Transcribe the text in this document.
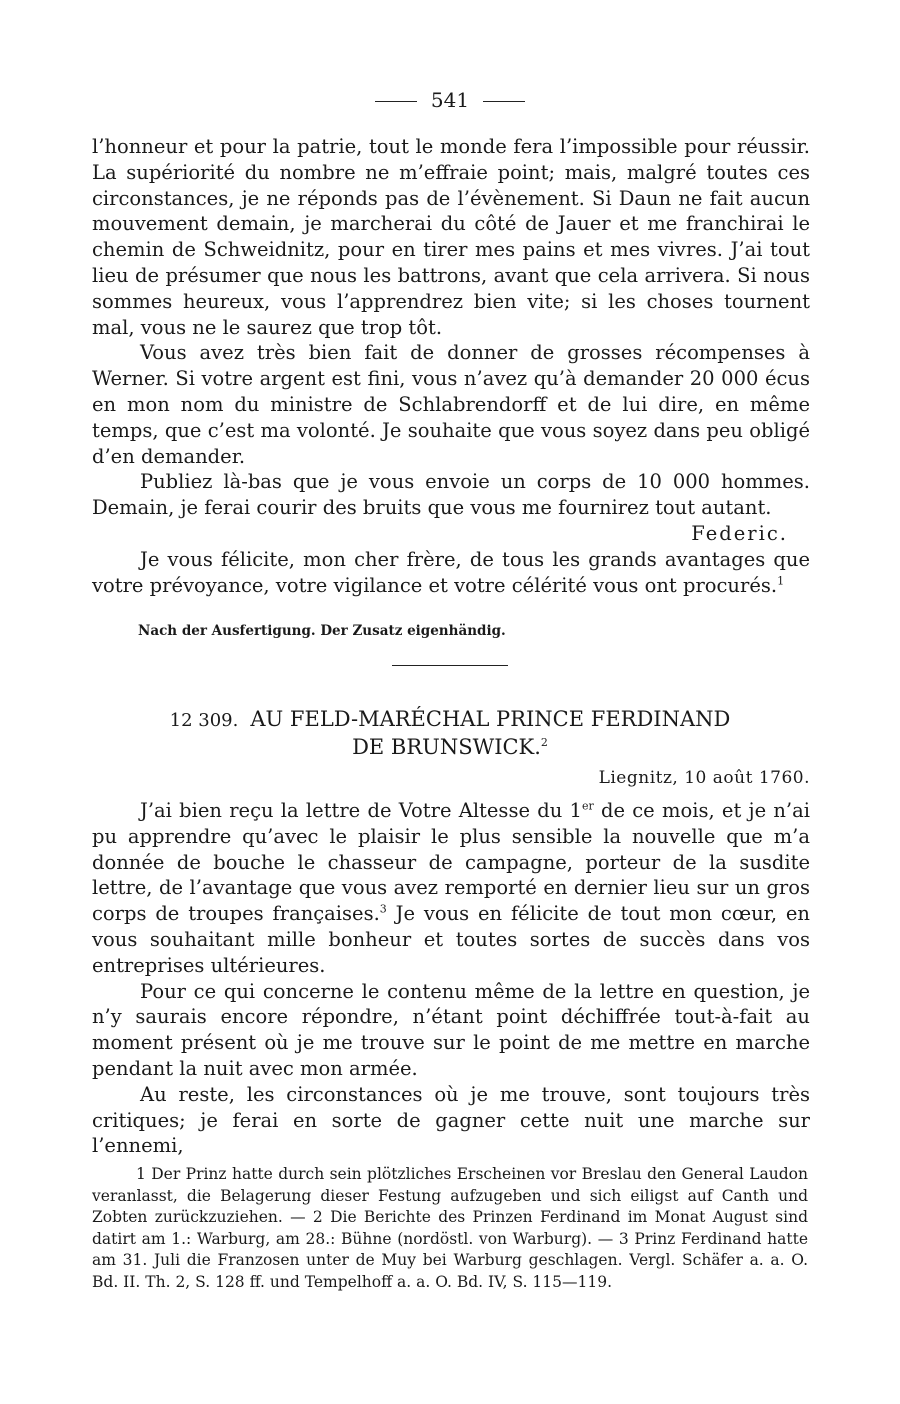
541

l’honneur et pour la patrie, tout le monde fera l’impossible pour réussir. La supériorité du nombre ne m’effraie point; mais, malgré toutes ces circonstances, je ne réponds pas de l’évènement. Si Daun ne fait aucun mouvement demain, je marcherai du côté de Jauer et me franchirai le chemin de Schweidnitz, pour en tirer mes pains et mes vivres. J’ai tout lieu de présumer que nous les battrons, avant que cela arrivera. Si nous sommes heureux, vous l’apprendrez bien vite; si les choses tournent mal, vous ne le saurez que trop tôt.

Vous avez très bien fait de donner de grosses récompenses à Werner. Si votre argent est fini, vous n’avez qu’à demander 20 000 écus en mon nom du ministre de Schlabrendorff et de lui dire, en même temps, que c’est ma volonté. Je souhaite que vous soyez dans peu obligé d’en demander.

Publiez là-bas que je vous envoie un corps de 10 000 hommes. Demain, je ferai courir des bruits que vous me fournirez tout autant.

Federic.

Je vous félicite, mon cher frère, de tous les grands avantages que votre prévoyance, votre vigilance et votre célérité vous ont procurés.$^1$

Nach der Ausfertigung. Der Zusatz eigenhändig.
12 309. AU FELD-MARÉCHAL PRINCE FERDINAND
DE BRUNSWICK.$^2$
Liegnitz, 10 août 1760.

J’ai bien reçu la lettre de Votre Altesse du 1er de ce mois, et je n’ai pu apprendre qu’avec le plaisir le plus sensible la nouvelle que m’a donnée de bouche le chasseur de campagne, porteur de la susdite lettre, de l’avantage que vous avez remporté en dernier lieu sur un gros corps de troupes françaises.$^3$ Je vous en félicite de tout mon cœur, en vous souhaitant mille bonheur et toutes sortes de succès dans vos entreprises ultérieures.

Pour ce qui concerne le contenu même de la lettre en question, je n’y saurais encore répondre, n’étant point déchiffrée tout-à-fait au moment présent où je me trouve sur le point de me mettre en marche pendant la nuit avec mon armée.

Au reste, les circonstances où je me trouve, sont toujours très critiques; je ferai en sorte de gagner cette nuit une marche sur l’ennemi,

1 Der Prinz hatte durch sein plötzliches Erscheinen vor Breslau den General Laudon veranlasst, die Belagerung dieser Festung aufzugeben und sich eiligst auf Canth und Zobten zurückzuziehen. — 2 Die Berichte des Prinzen Ferdinand im Monat August sind datirt am 1.: Warburg, am 28.: Bühne (nordöstl. von Warburg). — 3 Prinz Ferdinand hatte am 31. Juli die Franzosen unter de Muy bei Warburg geschlagen. Vergl. Schäfer a. a. O. Bd. II. Th. 2, S. 128 ff. und Tempelhoff a. a. O. Bd. IV, S. 115—119.
